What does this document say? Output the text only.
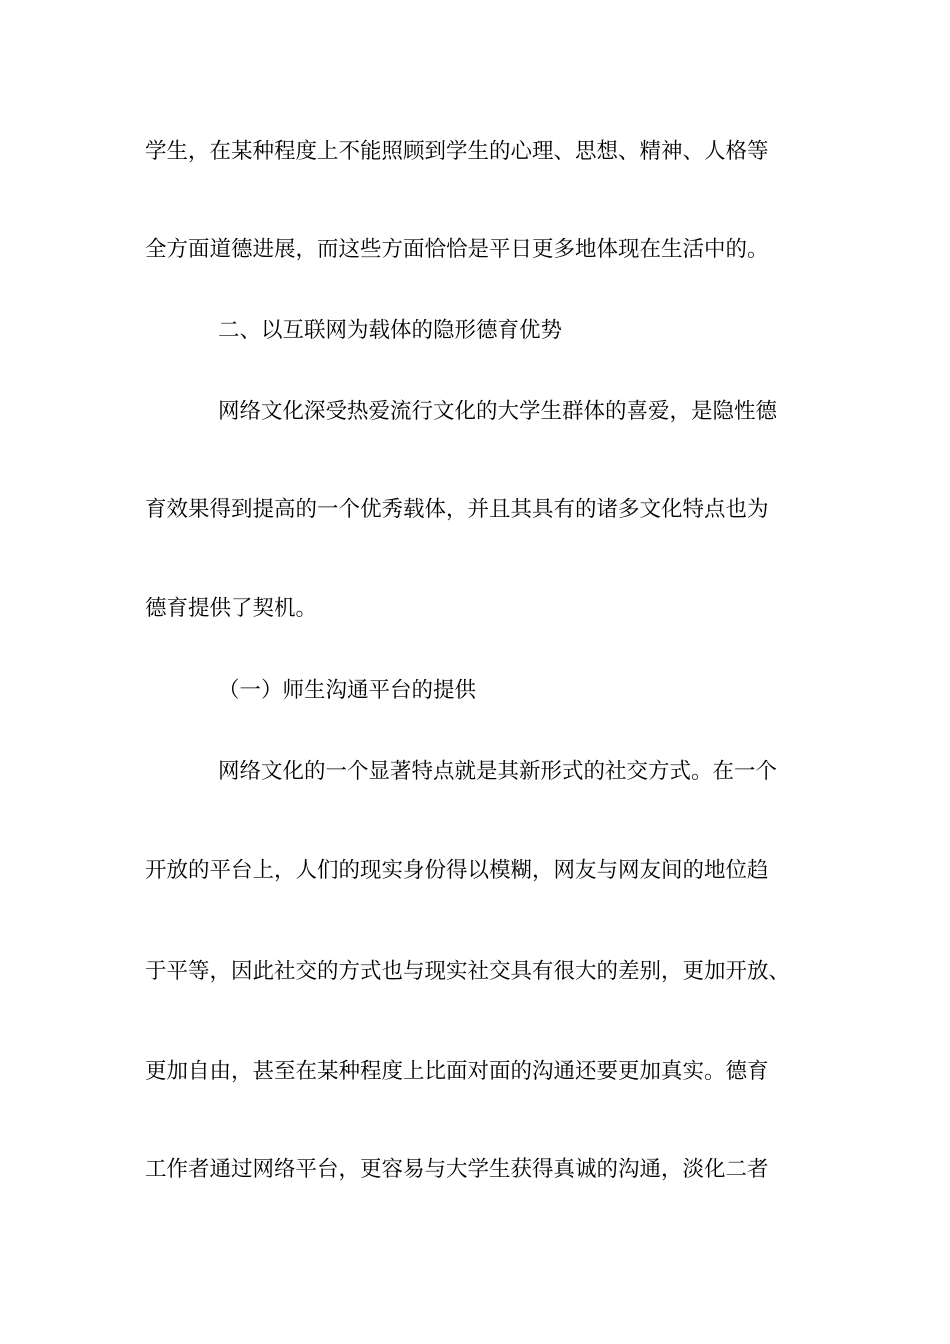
学生，在某种程度上不能照顾到学生的心理、思想、精神、人格等
全方面道德进展，而这些方面恰恰是平日更多地体现在生活中的。
二、以互联网为载体的隐形德育优势
网络文化深受热爱流行文化的大学生群体的喜爱，是隐性德
育效果得到提高的一个优秀载体，并且其具有的诸多文化特点也为
德育提供了契机。
（一）师生沟通平台的提供
网络文化的一个显著特点就是其新形式的社交方式。在一个
开放的平台上，人们的现实身份得以模糊，网友与网友间的地位趋
于平等，因此社交的方式也与现实社交具有很大的差别，更加开放、
更加自由，甚至在某种程度上比面对面的沟通还要更加真实。德育
工作者通过网络平台，更容易与大学生获得真诚的沟通，淡化二者
